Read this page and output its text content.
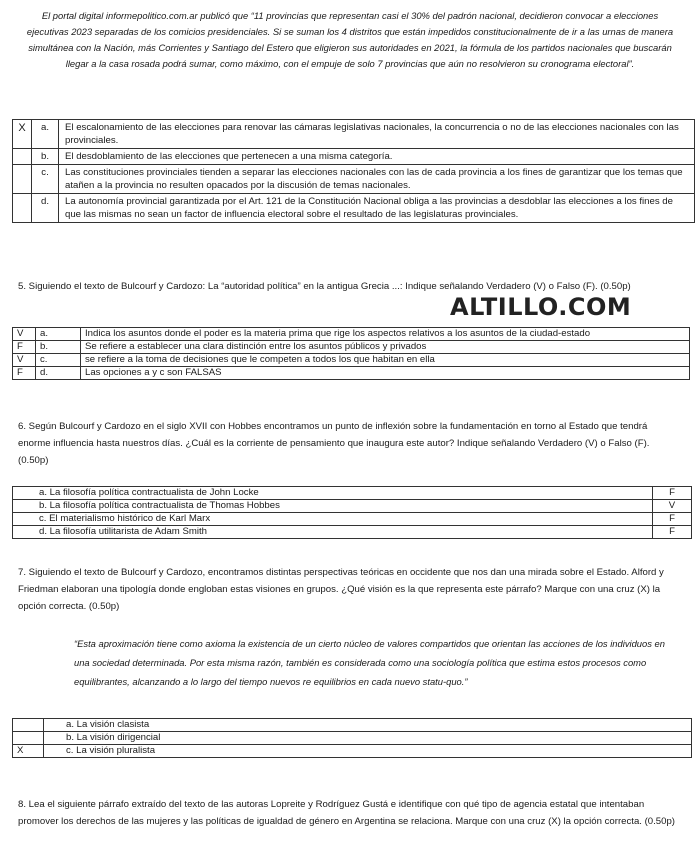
El portal digital informepolitico.com.ar publicó que “11 provincias que representan casi el 30% del padrón nacional, decidieron convocar a elecciones ejecutivas 2023 separadas de los comicios presidenciales. Si se suman los 4 distritos que están impedidos constitucionalmente de ir a las urnas de manera simultánea con la Nación, más Corrientes y Santiago del Estero que eligieron sus autoridades en 2021, la fórmula de los partidos nacionales que buscarán llegar a la casa rosada podrá sumar, como máximo, con el empuje de solo 7 provincias que aún no resolvieron su cronograma electoral”.
X	a.	El escalonamiento de las elecciones para renovar las cámaras legislativas nacionales, la concurrencia o no de las elecciones nacionales con las provinciales.
	b.	El desdoblamiento de las elecciones que pertenecen a una misma categoría.
	c.	Las constituciones provinciales tienden a separar las elecciones nacionales con las de cada provincia a los fines de garantizar que los temas que atañen a la provincia no resulten opacados por la discusión de temas nacionales.
	d.	La autonomía provincial garantizada por el Art. 121 de la Constitución Nacional obliga a las provincias a desdoblar las elecciones a los fines de que las mismas no sean un factor de influencia electoral sobre el resultado de las legislaturas provinciales.
5. Siguiendo el texto de Bulcourf y Cardozo: La “autoridad política” en la antigua Grecia ...: Indique señalando Verdadero (V) o Falso (F). (0.50p)
ALTILLO.COM
V	a.	Indica los asuntos donde el poder es la materia prima que rige los aspectos relativos a los asuntos de la ciudad-estado
F	b.	Se refiere a establecer una clara distinción entre los asuntos públicos y privados
V	c.	se refiere a la toma de decisiones que le competen a todos los que habitan en ella
F	d.	Las opciones a y c son FALSAS
6. Según Bulcourf y Cardozo en el siglo XVII con Hobbes encontramos un punto de inflexión sobre la fundamentación en torno al Estado que tendrá enorme influencia hasta nuestros días. ¿Cuál es la corriente de pensamiento que inaugura este autor? Indique señalando Verdadero (V) o Falso (F). (0.50p)
a. La filosofía política contractualista de John Locke	F
b. La filosofía política contractualista de Thomas Hobbes	V
c. El materialismo histórico de Karl Marx	F
d. La filosofía utilitarista de Adam Smith	F
7. Siguiendo el texto de Bulcourf y Cardozo, encontramos distintas perspectivas teóricas en occidente que nos dan una mirada sobre el Estado. Alford y Friedman elaboran una tipología donde engloban estas visiones en grupos. ¿Qué visión es la que representa este párrafo? Marque con una cruz (X) la opción correcta. (0.50p)
“Esta aproximación tiene como axioma la existencia de un cierto núcleo de valores compartidos que orientan las acciones de los individuos en una sociedad determinada. Por esta misma razón, también es considerada como una sociología política que estima estos procesos como equilibrantes, alcanzando a lo largo del tiempo nuevos re equilibrios en cada nuevo statu-quo.”
	a. La visión clasista
	b. La visión dirigencial
X	c. La visión pluralista
8. Lea el siguiente párrafo extraído del texto de las autoras Lopreite y Rodríguez Gustá e identifique con qué tipo de agencia estatal que intentaban promover los derechos de las mujeres y las políticas de igualdad de género en Argentina se relaciona. Marque con una cruz (X) la opción correcta. (0.50p)
